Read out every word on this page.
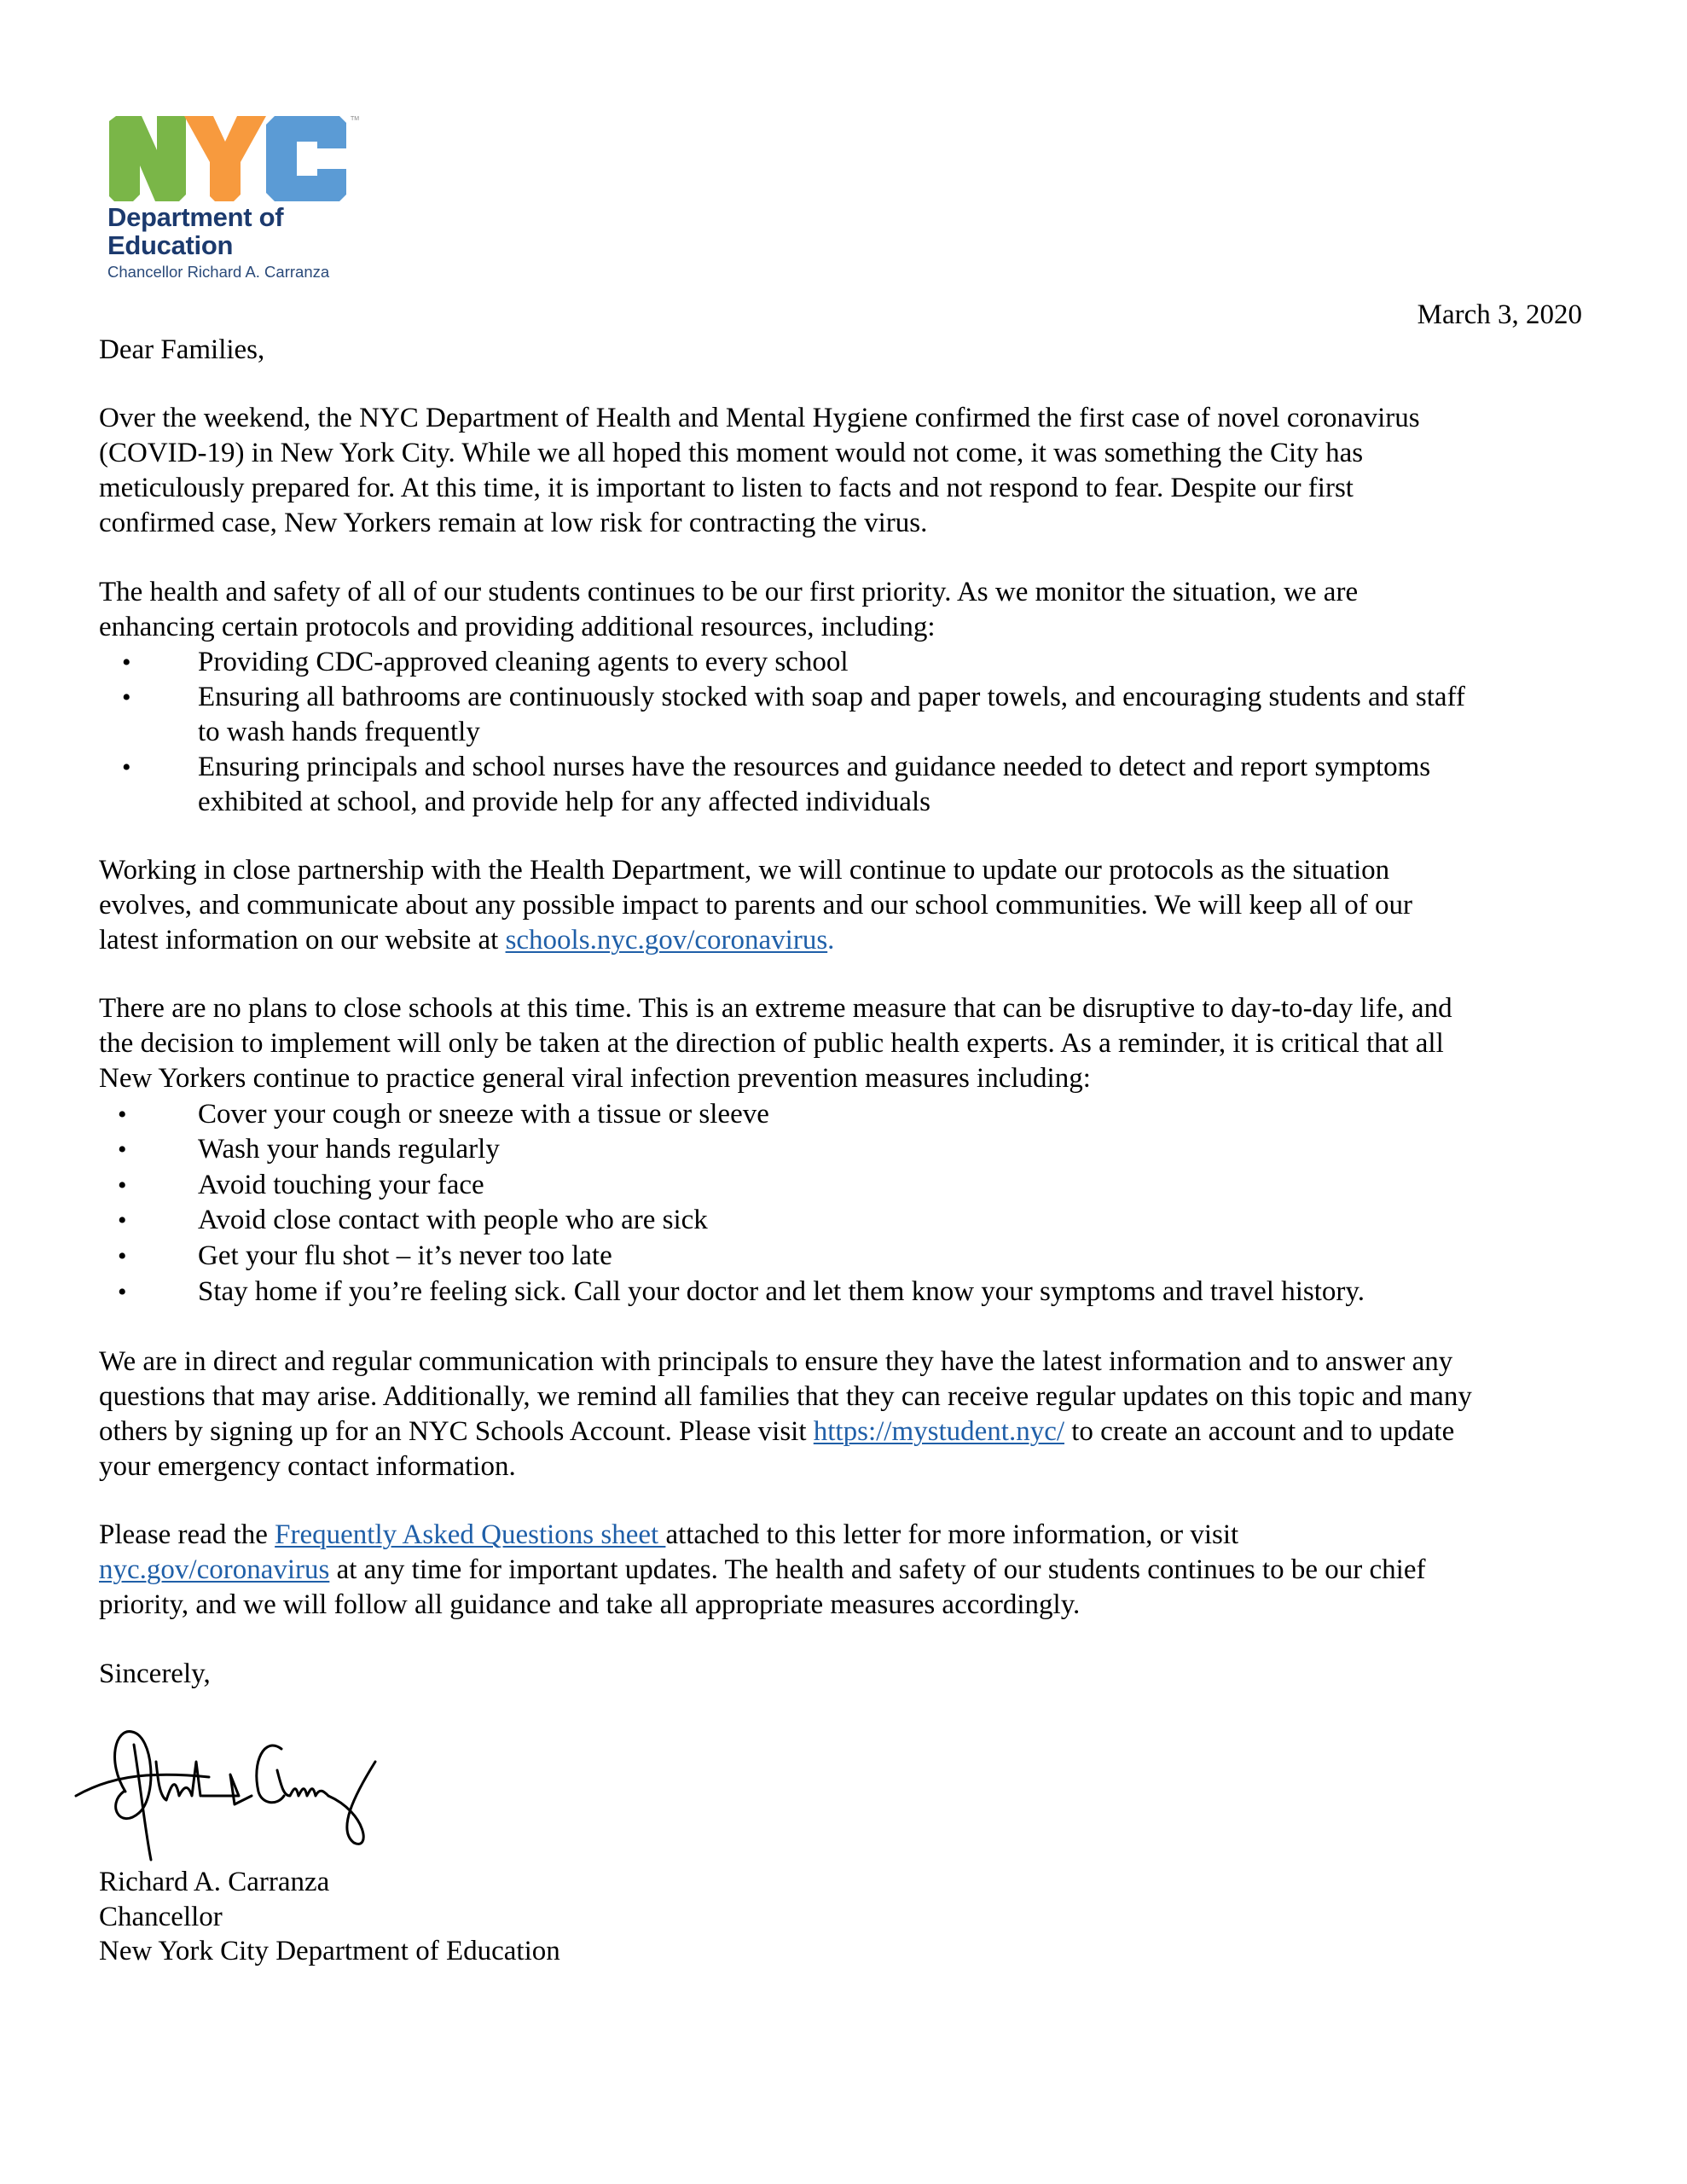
TM
Department of
Education
Chancellor Richard A. Carranza
March 3, 2020
Dear Families,
Over the weekend, the NYC Department of Health and Mental Hygiene confirmed the first case of novel coronavirus
(COVID-19) in New York City. While we all hoped this moment would not come, it was something the City has
meticulously prepared for. At this time, it is important to listen to facts and not respond to fear. Despite our first
confirmed case, New Yorkers remain at low risk for contracting the virus.
The health and safety of all of our students continues to be our first priority. As we monitor the situation, we are
enhancing certain protocols and providing additional resources, including:
• Providing CDC-approved cleaning agents to every school
• Ensuring all bathrooms are continuously stocked with soap and paper towels, and encouraging students and staff
to wash hands frequently
• Ensuring principals and school nurses have the resources and guidance needed to detect and report symptoms
exhibited at school, and provide help for any affected individuals
Working in close partnership with the Health Department, we will continue to update our protocols as the situation
evolves, and communicate about any possible impact to parents and our school communities. We will keep all of our
latest information on our website at schools.nyc.gov/coronavirus.
There are no plans to close schools at this time. This is an extreme measure that can be disruptive to day-to-day life, and
the decision to implement will only be taken at the direction of public health experts. As a reminder, it is critical that all
New Yorkers continue to practice general viral infection prevention measures including:
•	Cover your cough or sneeze with a tissue or sleeve
•	Wash your hands regularly
•	Avoid touching your face
•	Avoid close contact with people who are sick
•	Get your flu shot – it’s never too late
•	Stay home if you’re feeling sick. Call your doctor and let them know your symptoms and travel history.
We are in direct and regular communication with principals to ensure they have the latest information and to answer any
questions that may arise. Additionally, we remind all families that they can receive regular updates on this topic and many
others by signing up for an NYC Schools Account. Please visit https://mystudent.nyc/ to create an account and to update
your emergency contact information.
Please read the Frequently Asked Questions sheet attached to this letter for more information, or visit
nyc.gov/coronavirus at any time for important updates. The health and safety of our students continues to be our chief
priority, and we will follow all guidance and take all appropriate measures accordingly.
Sincerely,
Richard A. Carranza
Chancellor
New York City Department of Education
